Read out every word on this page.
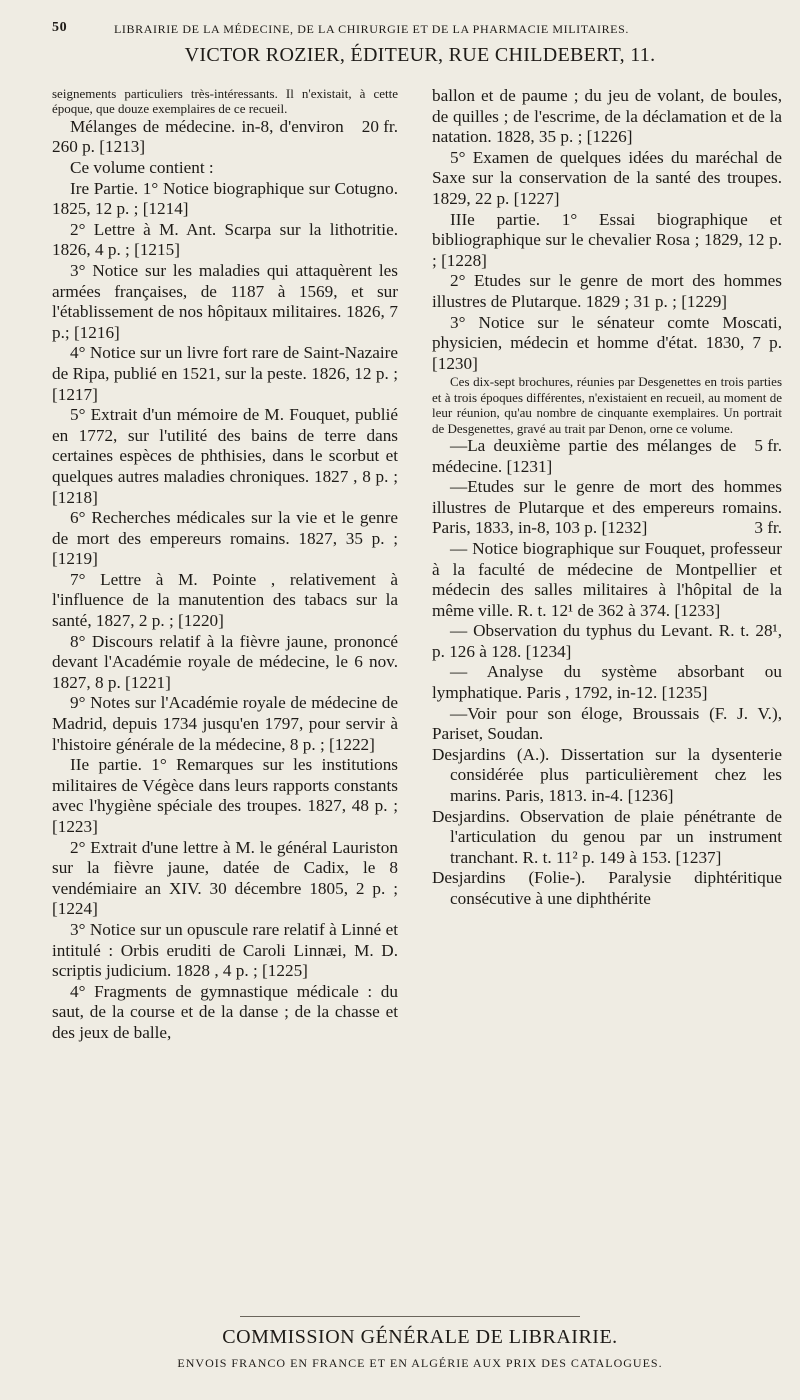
50	LIBRAIRIE DE LA MÉDECINE, DE LA CHIRURGIE ET DE LA PHARMACIE MILITAIRES.
VICTOR ROZIER, ÉDITEUR, RUE CHILDEBERT, 11.

seignements particuliers très-intéressants. Il n'existait, à cette époque, que douze exemplaires de ce recueil.

20 fr.
Mélanges de médecine. in-8, d'environ 260 p. [1213]

Ce volume contient :

Ire Partie. 1° Notice biographique sur Cotugno. 1825, 12 p. ; [1214]

2° Lettre à M. Ant. Scarpa sur la lithotritie. 1826, 4 p. ; [1215]

3° Notice sur les maladies qui attaquèrent les armées françaises, de 1187 à 1569, et sur l'établissement de nos hôpitaux militaires. 1826, 7 p.; [1216]

4° Notice sur un livre fort rare de Saint-Nazaire de Ripa, publié en 1521, sur la peste. 1826, 12 p. ; [1217]

5° Extrait d'un mémoire de M. Fouquet, publié en 1772, sur l'utilité des bains de terre dans certaines espèces de phthisies, dans le scorbut et quelques autres maladies chroniques. 1827 , 8 p. ; [1218]

6° Recherches médicales sur la vie et le genre de mort des empereurs romains. 1827, 35 p. ; [1219]

7° Lettre à M. Pointe , relativement à l'influence de la manutention des tabacs sur la santé, 1827, 2 p. ; [1220]

8° Discours relatif à la fièvre jaune, prononcé devant l'Académie royale de médecine, le 6 nov. 1827, 8 p. [1221]

9° Notes sur l'Académie royale de médecine de Madrid, depuis 1734 jusqu'en 1797, pour servir à l'histoire générale de la médecine, 8 p. ; [1222]

IIe partie. 1° Remarques sur les institutions militaires de Végèce dans leurs rapports constants avec l'hygiène spéciale des troupes. 1827, 48 p. ; [1223]

2° Extrait d'une lettre à M. le général Lauriston sur la fièvre jaune, datée de Cadix, le 8 vendémiaire an XIV. 30 décembre 1805, 2 p. ; [1224]

3° Notice sur un opuscule rare relatif à Linné et intitulé : Orbis eruditi de Caroli Linnæi, M. D. scriptis judicium. 1828 , 4 p. ; [1225]

4° Fragments de gymnastique médicale : du saut, de la course et de la danse ; de la chasse et des jeux de balle,

ballon et de paume ; du jeu de volant, de boules, de quilles ; de l'escrime, de la déclamation et de la natation. 1828, 35 p. ; [1226]

5° Examen de quelques idées du maréchal de Saxe sur la conservation de la santé des troupes. 1829, 22 p. [1227]

IIIe partie. 1° Essai biographique et bibliographique sur le chevalier Rosa ; 1829, 12 p. ; [1228]

2° Etudes sur le genre de mort des hommes illustres de Plutarque. 1829 ; 31 p. ; [1229]

3° Notice sur le sénateur comte Moscati, physicien, médecin et homme d'état. 1830, 7 p. [1230]

Ces dix-sept brochures, réunies par Desgenettes en trois parties et à trois époques différentes, n'existaient en recueil, au moment de leur réunion, qu'au nombre de cinquante exemplaires. Un portrait de Desgenettes, gravé au trait par Denon, orne ce volume.

5 fr.
—La deuxième partie des mélanges de médecine. [1231]

—Etudes sur le genre de mort des hommes illustres de Plutarque et des empereurs romains. Paris, 1833, in-8, 103 p. [1232]	3 fr.

— Notice biographique sur Fouquet, professeur à la faculté de médecine de Montpellier et médecin des salles militaires à l'hôpital de la même ville. R. t. 12¹ de 362 à 374. [1233]

— Observation du typhus du Levant. R. t. 28¹, p. 126 à 128. [1234]

— Analyse du système absorbant ou lymphatique. Paris , 1792, in-12. [1235]

—Voir pour son éloge, Broussais (F. J. V.), Pariset, Soudan.

Desjardins (A.). Dissertation sur la dysenterie considérée plus particulièrement chez les marins. Paris, 1813. in-4. [1236]

Desjardins. Observation de plaie pénétrante de l'articulation du genou par un instrument tranchant. R. t. 11² p. 149 à 153. [1237]

Desjardins (Folie-). Paralysie diphtéritique consécutive à une diphthérite

COMMISSION GÉNÉRALE DE LIBRAIRIE.
ENVOIS FRANCO EN FRANCE ET EN ALGÉRIE AUX PRIX DES CATALOGUES.
